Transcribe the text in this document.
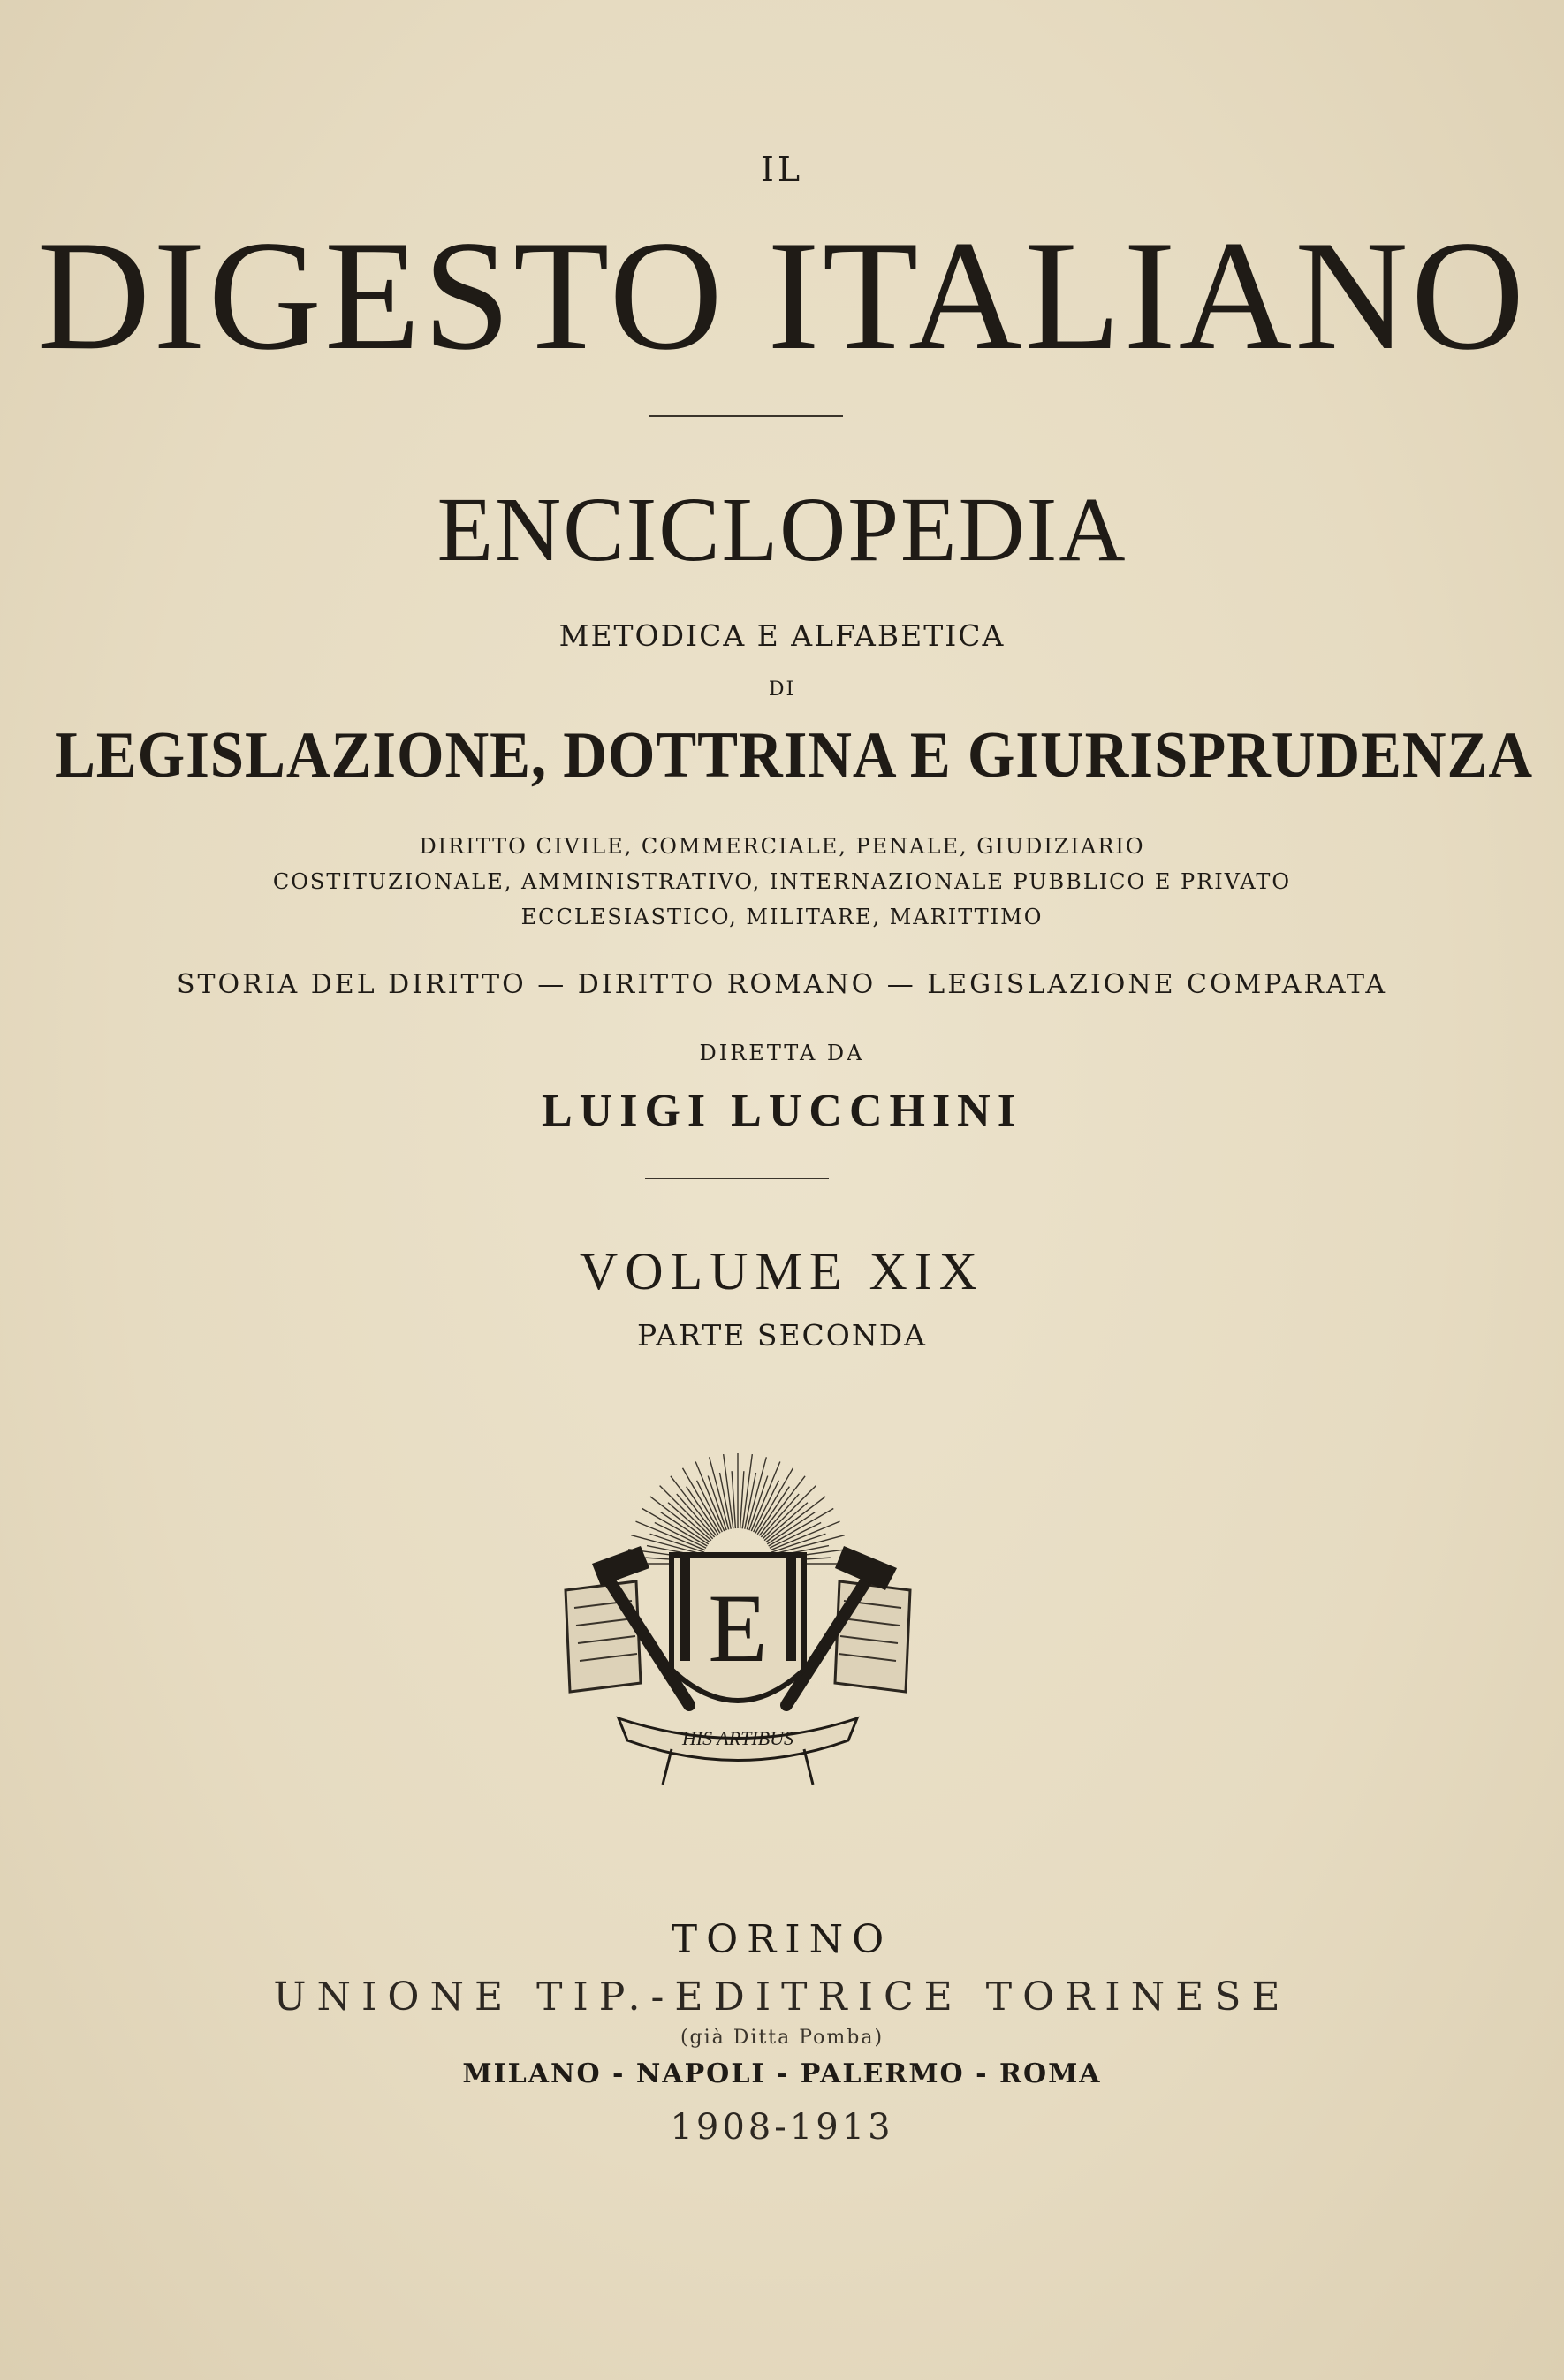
IL
DIGESTO ITALIANO
ENCICLOPEDIA
METODICA E ALFABETICA
DI
LEGISLAZIONE, DOTTRINA E GIURISPRUDENZA
DIRITTO CIVILE, COMMERCIALE, PENALE, GIUDIZIARIO
COSTITUZIONALE, AMMINISTRATIVO, INTERNAZIONALE PUBBLICO E PRIVATO
ECCLESIASTICO, MILITARE, MARITTIMO
STORIA DEL DIRITTO — DIRITTO ROMANO — LEGISLAZIONE COMPARATA
DIRETTA DA
LUIGI LUCCHINI
VOLUME XIX
PARTE SECONDA
E
HIS ARTIBUS
TORINO
UNIONE TIP.-EDITRICE TORINESE
(già Ditta Pomba)
MILANO - NAPOLI - PALERMO - ROMA
1908-1913
